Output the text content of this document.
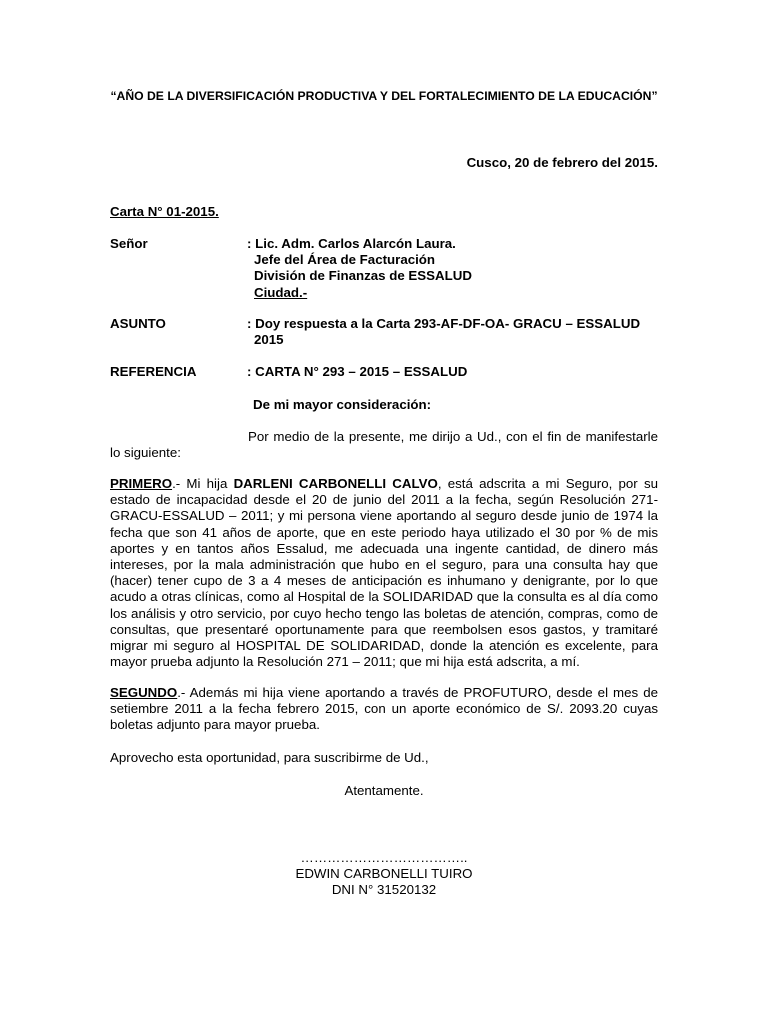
“AÑO DE LA DIVERSIFICACIÓN PRODUCTIVA Y DEL FORTALECIMIENTO DE LA EDUCACIÓN”
Cusco, 20 de febrero del 2015.
Carta N° 01-2015.
Señor	: Lic. Adm. Carlos Alarcón Laura.
Jefe del Área de Facturación
División de Finanzas de ESSALUD
Ciudad.-
ASUNTO	: Doy respuesta a la Carta 293-AF-DF-OA- GRACU – ESSALUD
2015
REFERENCIA	: CARTA N° 293 – 2015 – ESSALUD
De mi mayor consideración:
Por medio de la presente, me dirijo a Ud., con el fin de manifestarle lo siguiente:
PRIMERO.- Mi hija DARLENI CARBONELLI CALVO, está adscrita a mi Seguro, por su estado de incapacidad desde el 20 de junio del 2011 a la fecha, según Resolución 271-GRACU-ESSALUD – 2011; y mi persona viene aportando al seguro desde junio de 1974 la fecha que son 41 años de aporte, que en este periodo haya utilizado el 30 por % de mis aportes y en tantos años Essalud, me adecuada una ingente cantidad, de dinero más intereses, por la mala administración que hubo en el seguro, para una consulta hay que (hacer) tener cupo de 3 a 4 meses de anticipación es inhumano y denigrante, por lo que acudo a otras clínicas, como al Hospital de la SOLIDARIDAD que la consulta es al día como los análisis y otro servicio, por cuyo hecho tengo las boletas de atención, compras, como de consultas, que presentaré oportunamente para que reembolsen esos gastos, y tramitaré migrar mi seguro al HOSPITAL DE SOLIDARIDAD, donde la atención es excelente, para mayor prueba adjunto la Resolución 271 – 2011; que mi hija está adscrita, a mí.
SEGUNDO.- Además mi hija viene aportando a través de PROFUTURO, desde el mes de setiembre 2011 a la fecha febrero 2015, con un aporte económico de S/. 2093.20 cuyas boletas adjunto para mayor prueba.
Aprovecho esta oportunidad, para suscribirme de Ud.,
Atentamente.
………………………………..
EDWIN CARBONELLI TUIRO
DNI N° 31520132
